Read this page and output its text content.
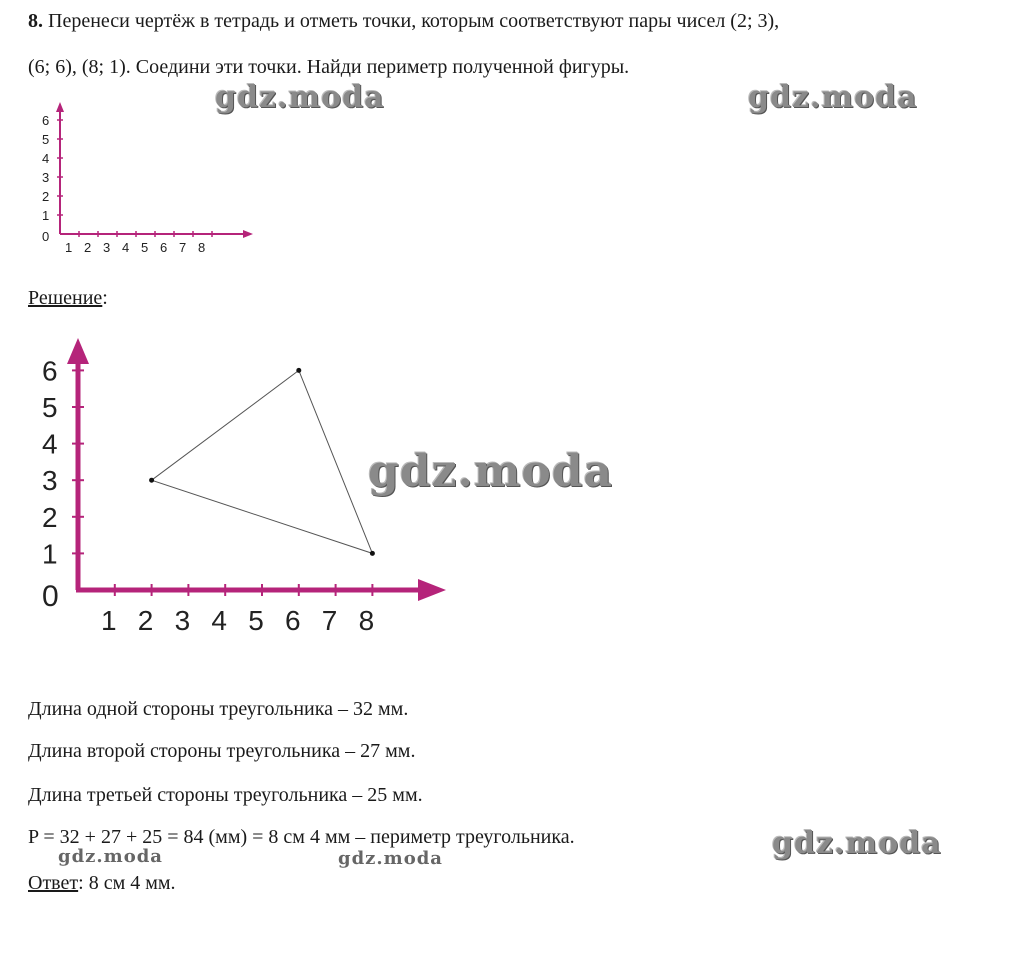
8. Перенеси чертёж в тетрадь и отметь точки, которым соответствуют пары чисел (2; 3),
(6; 6), (8; 1). Соедини эти точки. Найди периметр полученной фигуры.
0
1 2 3 4 5 6 7 8
1
2
3
4
5
6
Решение:
0
1 2 3 4 5 6 7 8
1
2
3
4
5
6
Длина одной стороны треугольника – 32 мм.
Длина второй стороны треугольника – 27 мм.
Длина третьей стороны треугольника – 25 мм.
P = 32 + 27 + 25 = 84 (мм) = 8 см 4 мм – периметр треугольника.
Ответ: 8 см 4 мм.
gdz.moda	gdz.moda
gdz.moda
gdz.moda
gdz.moda	gdz.moda
